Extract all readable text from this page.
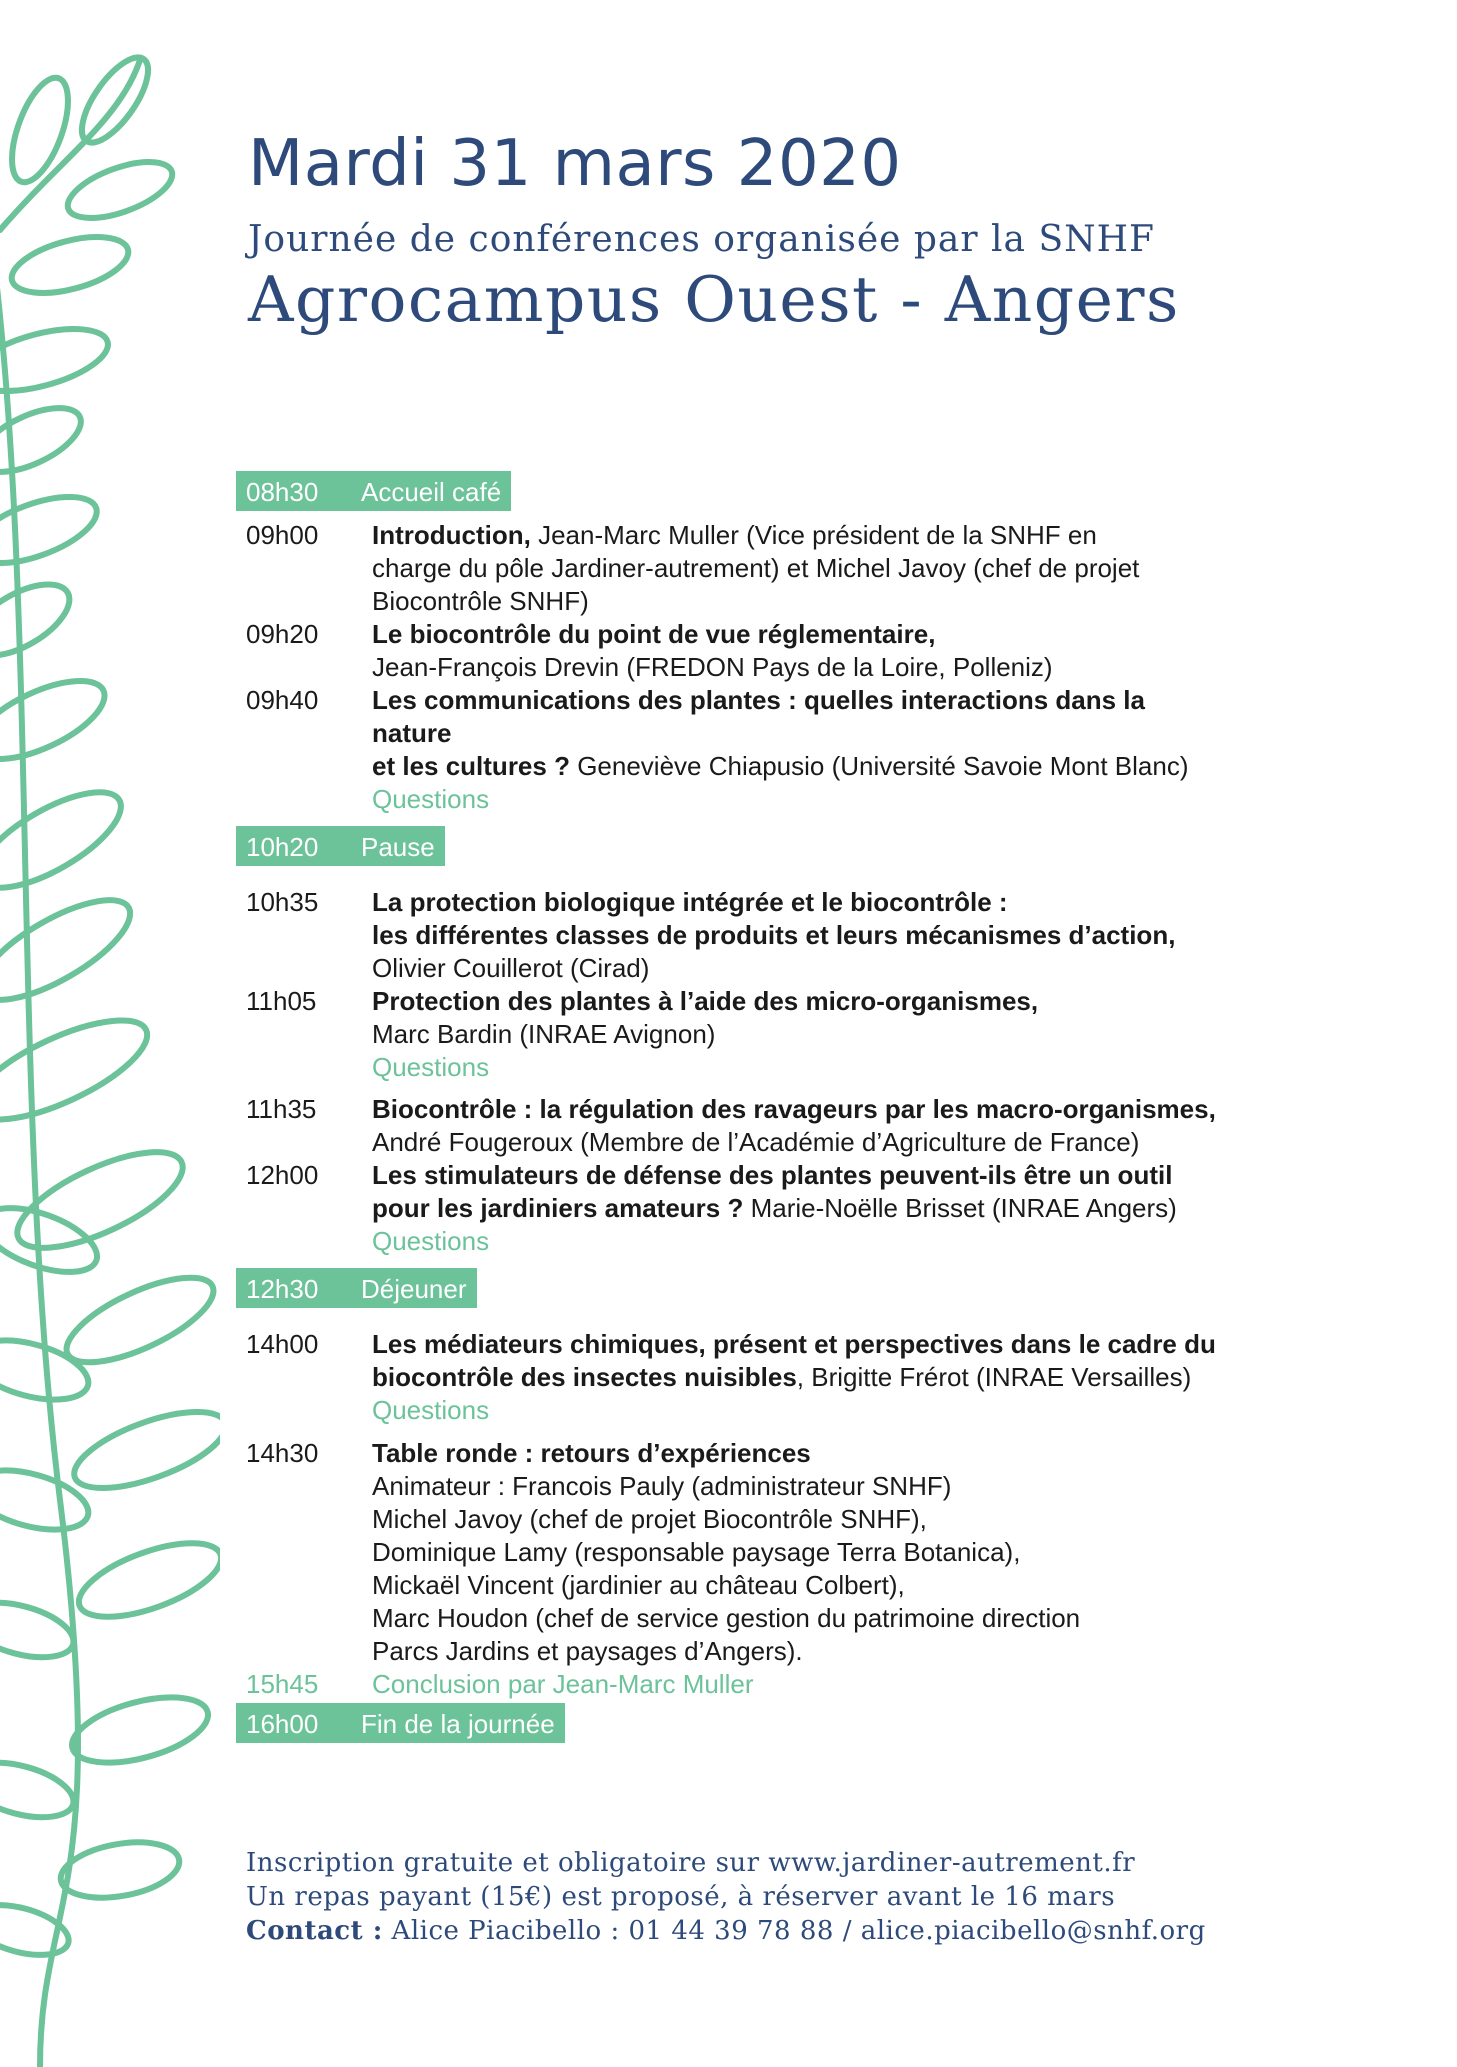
Mardi 31 mars 2020
Journée de conférences organisée par la SNHF
Agrocampus Ouest - Angers
08h30 Accueil café
09h00	Introduction, Jean-Marc Muller (Vice président de la SNHF en
charge du pôle Jardiner-autrement) et Michel Javoy (chef de projet
Biocontrôle SNHF)
09h20	Le biocontrôle du point de vue réglementaire,
Jean-François Drevin (FREDON Pays de la Loire, Polleniz)
09h40	Les communications des plantes : quelles interactions dans la nature
et les cultures ? Geneviève Chiapusio (Université Savoie Mont Blanc)
Questions
10h20 Pause
10h35	La protection biologique intégrée et le biocontrôle :
les différentes classes de produits et leurs mécanismes d’action,
Olivier Couillerot (Cirad)
11h05	Protection des plantes à l’aide des micro-organismes,
Marc Bardin (INRAE Avignon)
Questions
11h35	Biocontrôle : la régulation des ravageurs par les macro-organismes,
André Fougeroux (Membre de l’Académie d’Agriculture de France)
12h00	Les stimulateurs de défense des plantes peuvent-ils être un outil
pour les jardiniers amateurs ? Marie-Noëlle Brisset (INRAE Angers)
Questions
12h30 Déjeuner
14h00	Les médiateurs chimiques, présent et perspectives dans le cadre du
biocontrôle des insectes nuisibles, Brigitte Frérot (INRAE Versailles)
Questions
14h30	Table ronde : retours d’expériences
Animateur : Francois Pauly (administrateur SNHF)
Michel Javoy (chef de projet Biocontrôle SNHF),
Dominique Lamy (responsable paysage Terra Botanica),
Mickaël Vincent (jardinier au château Colbert),
Marc Houdon (chef de service gestion du patrimoine direction
Parcs Jardins et paysages d’Angers).
15h45	Conclusion par Jean-Marc Muller
16h00 Fin de la journée
Inscription gratuite et obligatoire sur www.jardiner-autrement.fr
Un repas payant (15€) est proposé, à réserver avant le 16 mars
Contact : Alice Piacibello : 01 44 39 78 88 / alice.piacibello@snhf.org
